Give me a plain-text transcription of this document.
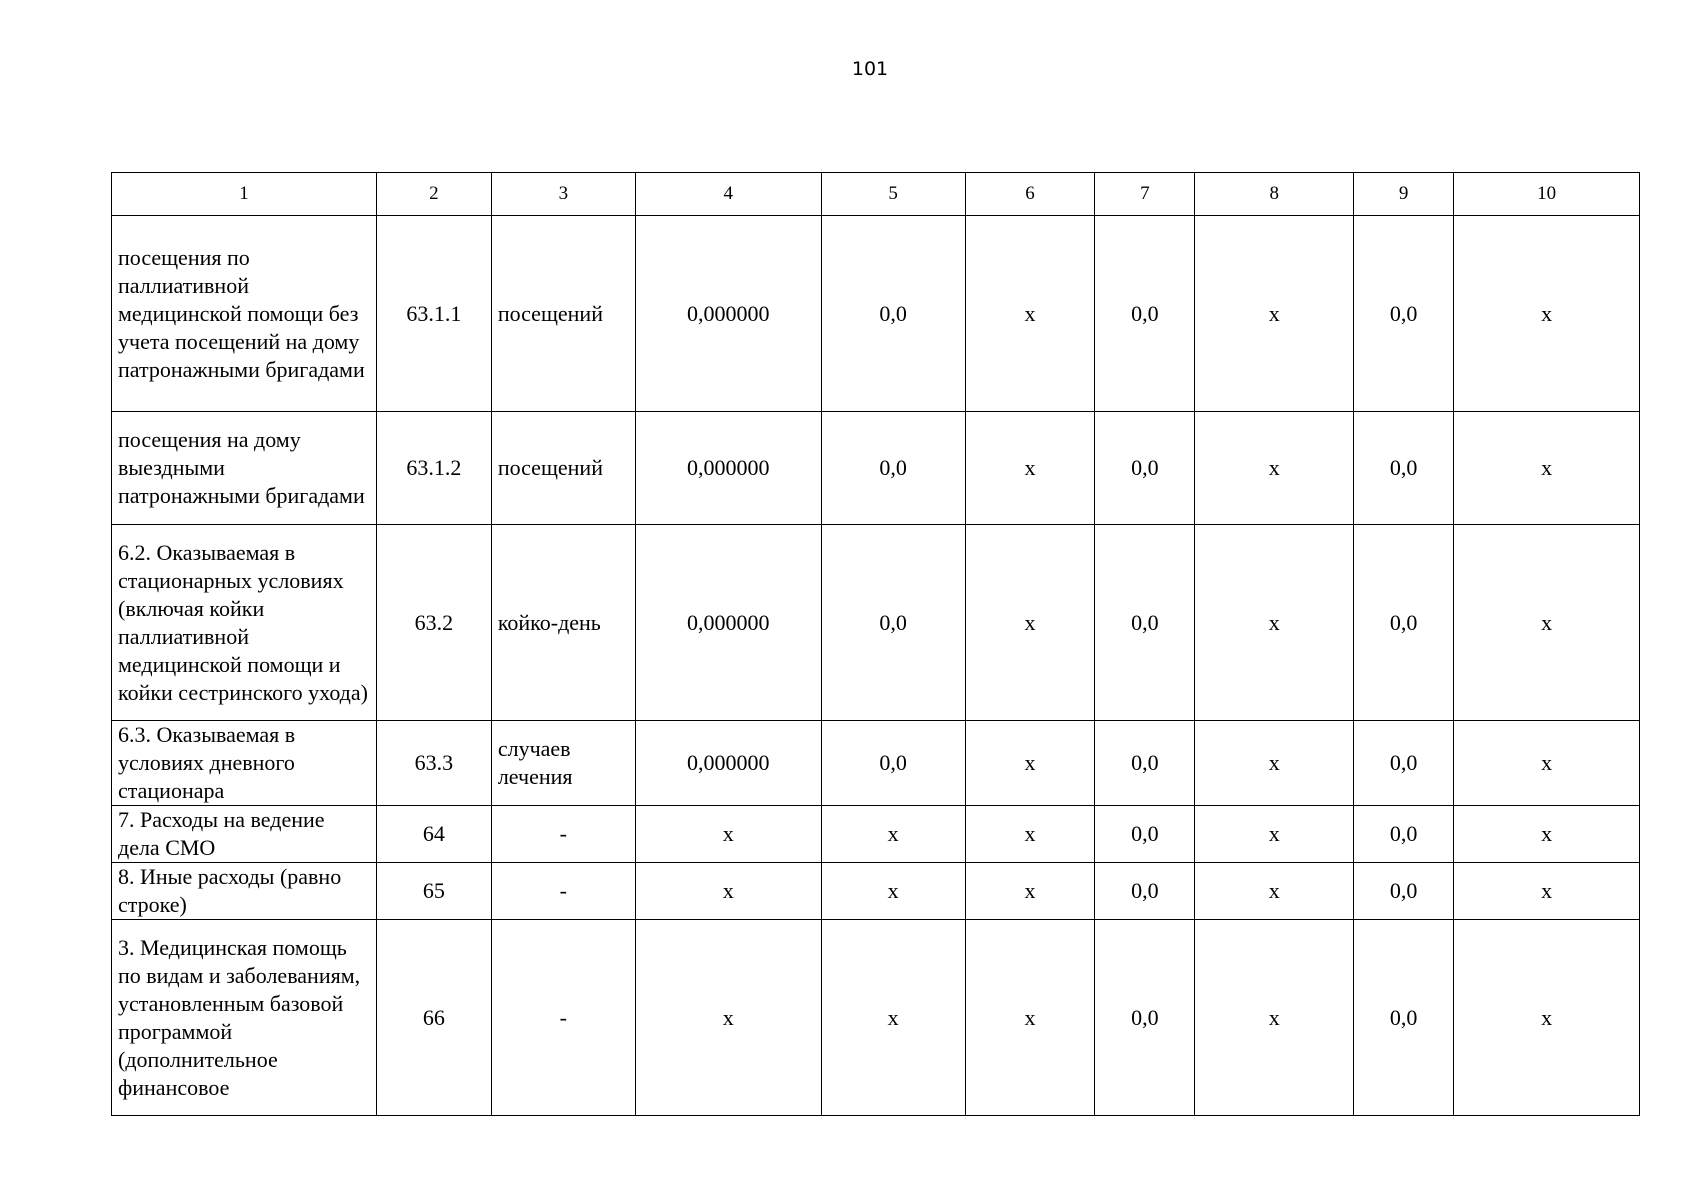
101
1	2	3	4	5	6	7	8	9	10
посещения по паллиативной медицинской помощи без учета посещений на дому патронажными бригадами	63.1.1	посещений	0,000000	0,0	х	0,0	х	0,0	х
посещения на дому выездными патронажными бригадами	63.1.2	посещений	0,000000	0,0	х	0,0	х	0,0	х
6.2. Оказываемая в стационарных условиях (включая койки паллиативной медицинской помощи и койки сестринского ухода)	63.2	койко-день	0,000000	0,0	х	0,0	х	0,0	х
6.3. Оказываемая в условиях дневного стационара	63.3	случаев лечения	0,000000	0,0	х	0,0	х	0,0	х
7. Расходы на ведение дела СМО	64	-	х	х	х	0,0	х	0,0	х
8. Иные расходы (равно строке)	65	-	х	х	х	0,0	х	0,0	х
3. Медицинская помощь по видам и заболеваниям, установленным базовой программой (дополнительное финансовое	66	-	х	х	х	0,0	х	0,0	х
